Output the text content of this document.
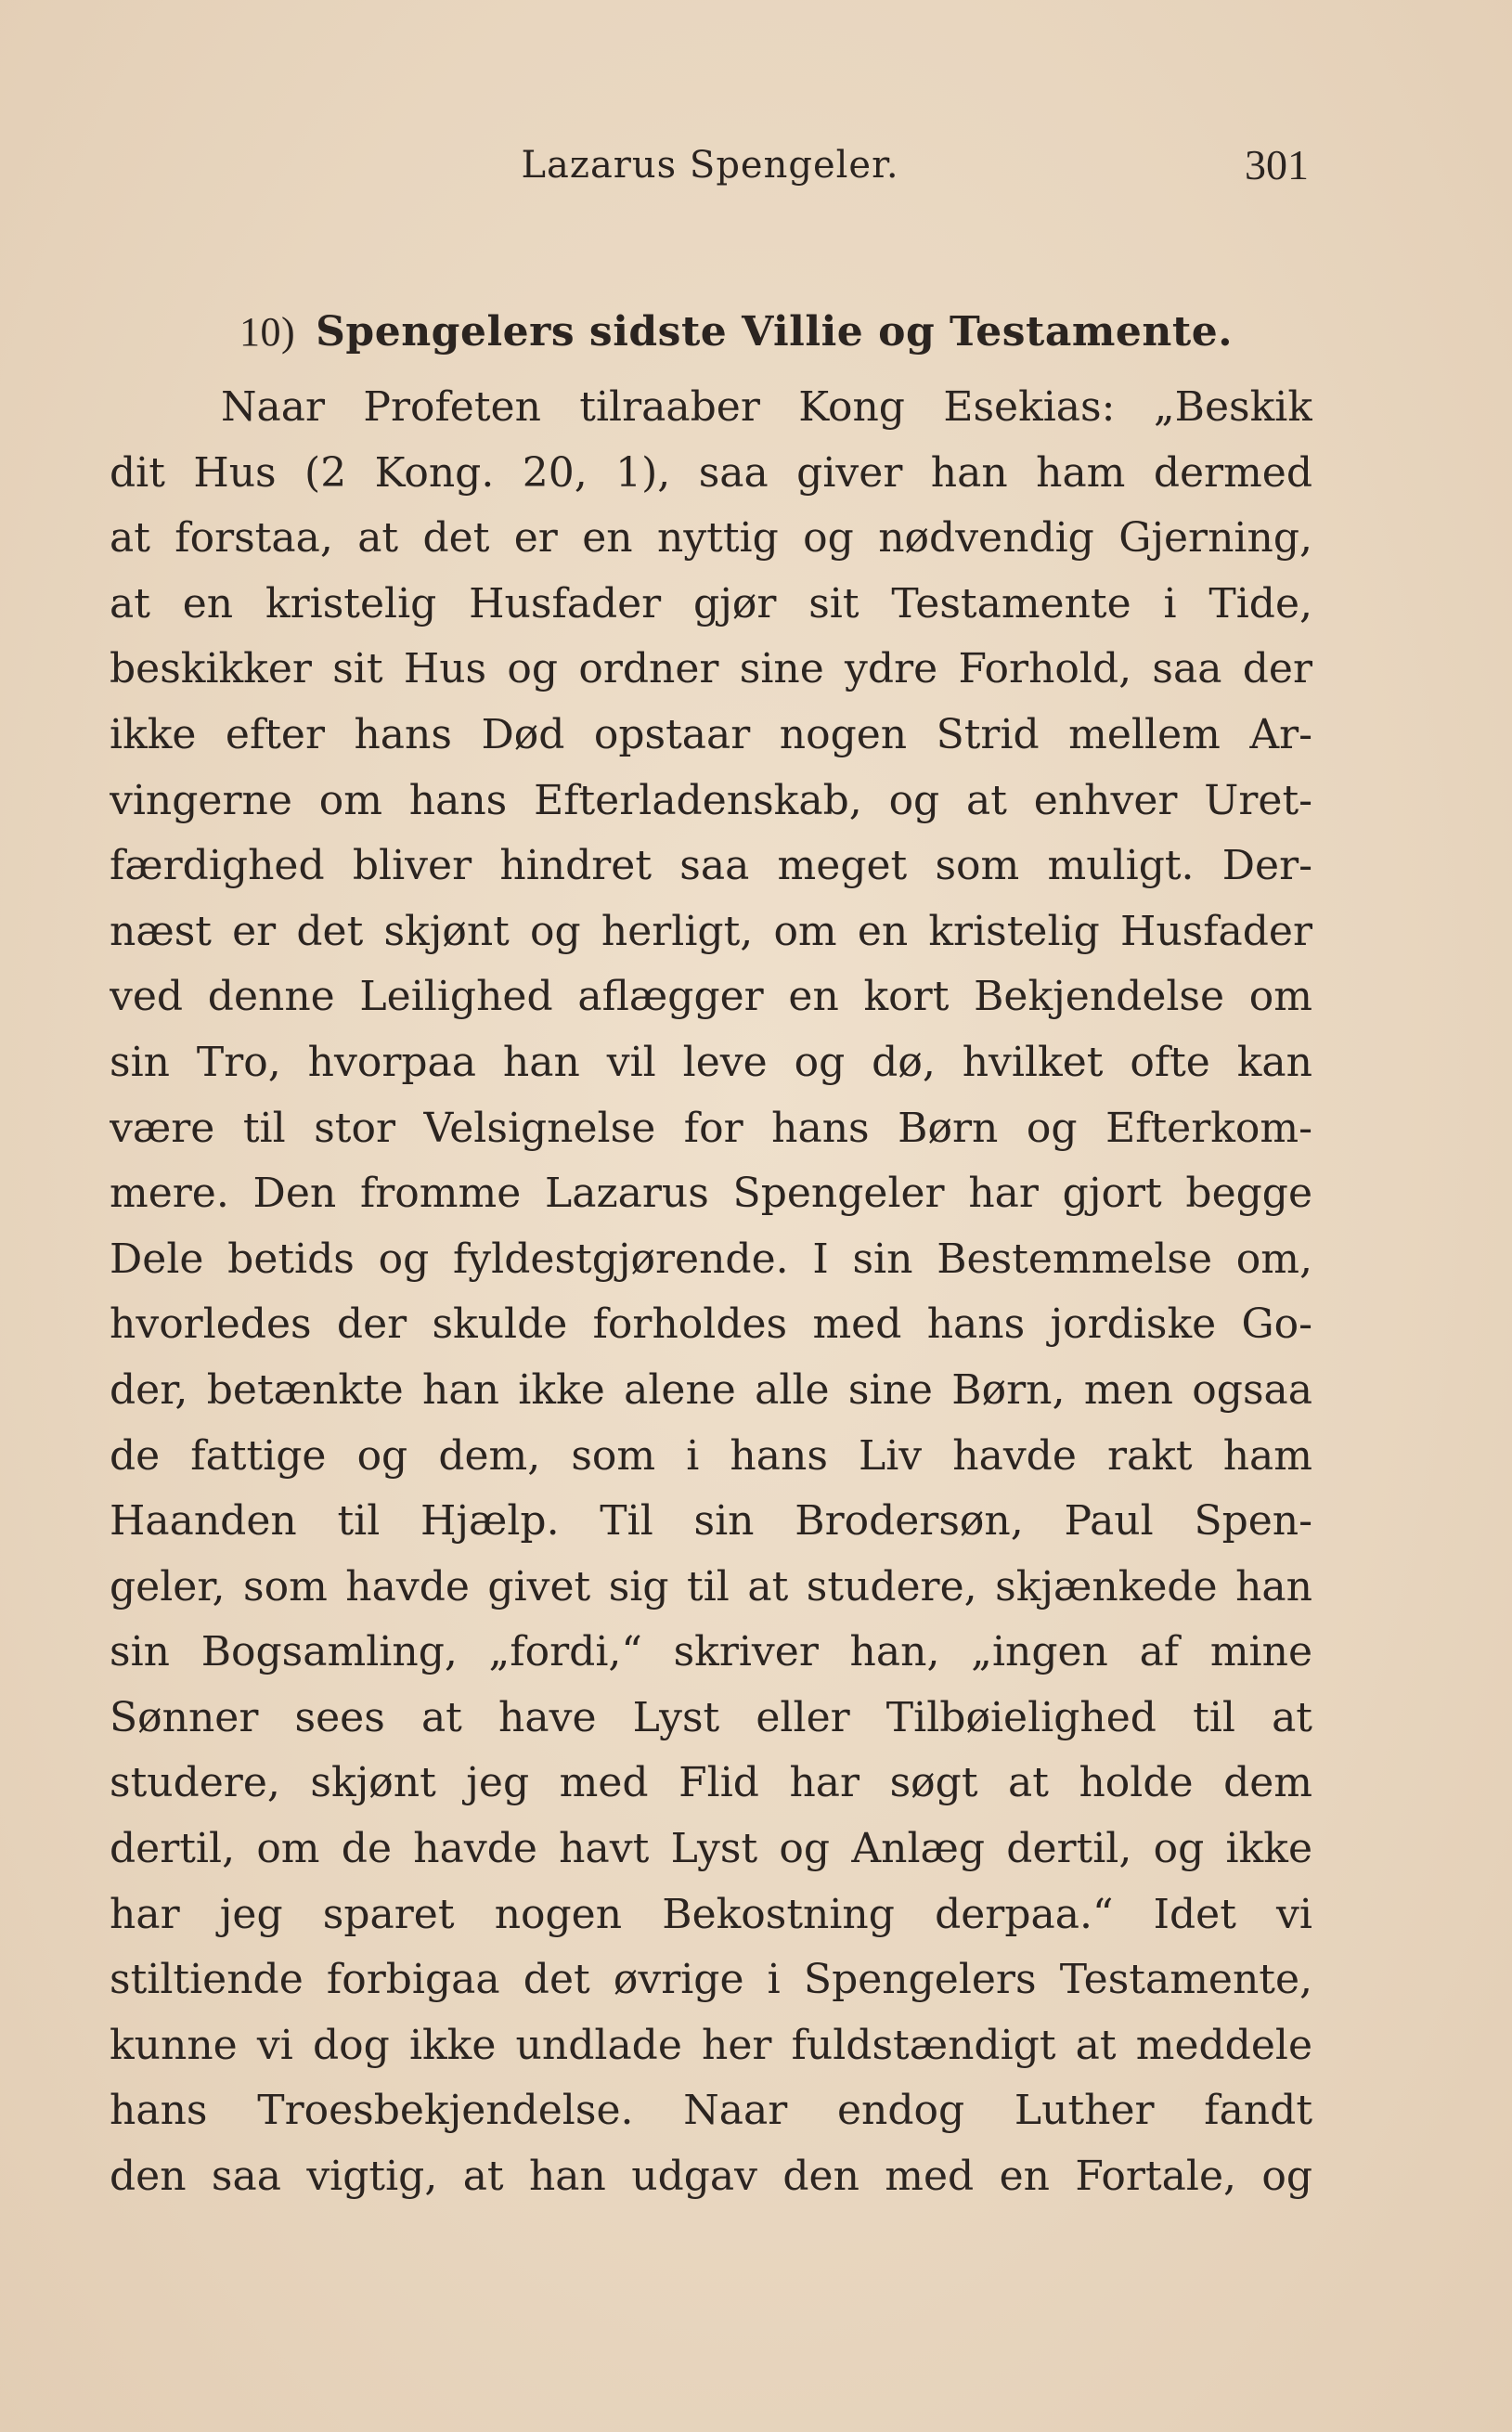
Lazarus Spengeler.	301
10) Spengelers sidste Villie og Testamente.
Naar Profeten tilraaber Kong Esekias: „Beskik
dit Hus (2 Kong. 20, 1), saa giver han ham dermed
at forstaa, at det er en nyttig og nødvendig Gjerning,
at en kristelig Husfader gjør sit Testamente i Tide,
beskikker sit Hus og ordner sine ydre Forhold, saa der
ikke efter hans Død opstaar nogen Strid mellem Ar-
vingerne om hans Efterladenskab, og at enhver Uret-
færdighed bliver hindret saa meget som muligt. Der-
næst er det skjønt og herligt, om en kristelig Husfader
ved denne Leilighed aflægger en kort Bekjendelse om
sin Tro, hvorpaa han vil leve og dø, hvilket ofte kan
være til stor Velsignelse for hans Børn og Efterkom-
mere. Den fromme Lazarus Spengeler har gjort begge
Dele betids og fyldestgjørende. I sin Bestemmelse om,
hvorledes der skulde forholdes med hans jordiske Go-
der, betænkte han ikke alene alle sine Børn, men ogsaa
de fattige og dem, som i hans Liv havde rakt ham
Haanden til Hjælp. Til sin Brodersøn, Paul Spen-
geler, som havde givet sig til at studere, skjænkede han
sin Bogsamling, „fordi,“ skriver han, „ingen af mine
Sønner sees at have Lyst eller Tilbøielighed til at
studere, skjønt jeg med Flid har søgt at holde dem
dertil, om de havde havt Lyst og Anlæg dertil, og ikke
har jeg sparet nogen Bekostning derpaa.“ Idet vi
stiltiende forbigaa det øvrige i Spengelers Testamente,
kunne vi dog ikke undlade her fuldstændigt at meddele
hans Troesbekjendelse. Naar endog Luther fandt
den saa vigtig, at han udgav den med en Fortale, og
